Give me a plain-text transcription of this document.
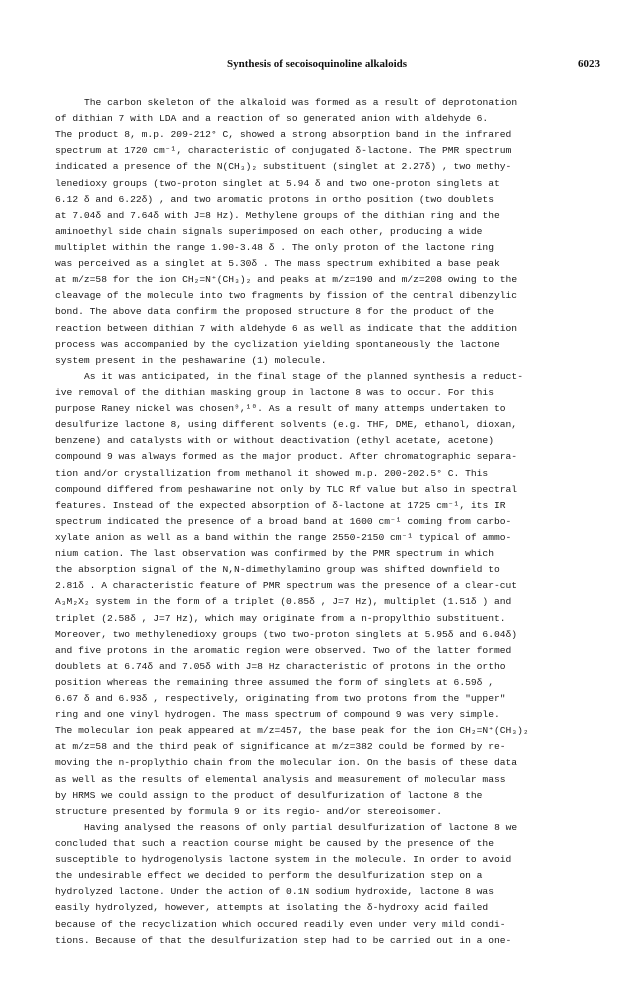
Synthesis of secoisoquinoline alkaloids	6023
The carbon skeleton of the alkaloid was formed as a result of deprotonation
of dithian 7 with LDA and a reaction of so generated anion with aldehyde 6.
The product 8, m.p. 209-212° C, showed a strong absorption band in the infrared
spectrum at 1720 cm⁻¹, characteristic of conjugated δ-lactone. The PMR spectrum
indicated a presence of the N(CH₃)₂ substituent (singlet at 2.27δ) , two methy-
lenedioxy groups (two-proton singlet at 5.94 δ and two one-proton singlets at
6.12 δ and 6.22δ) , and two aromatic protons in ortho position (two doublets
at 7.04δ and 7.64δ with J=8 Hz). Methylene groups of the dithian ring and the
aminoethyl side chain signals superimposed on each other, producing a wide
multiplet within the range 1.90-3.48 δ . The only proton of the lactone ring
was perceived as a singlet at 5.30δ . The mass spectrum exhibited a base peak
at m/z=58 for the ion CH₂=N⁺(CH₃)₂ and peaks at m/z=190 and m/z=208 owing to the
cleavage of the molecule into two fragments by fission of the central dibenzylic
bond. The above data confirm the proposed structure 8 for the product of the
reaction between dithian 7 with aldehyde 6 as well as indicate that the addition
process was accompanied by the cyclization yielding spontaneously the lactone
system present in the peshawarine (1) molecule.
As it was anticipated, in the final stage of the planned synthesis a reduct-
ive removal of the dithian masking group in lactone 8 was to occur. For this
purpose Raney nickel was chosen⁹,¹⁰. As a result of many attemps undertaken to
desulfurize lactone 8, using different solvents (e.g. THF, DME, ethanol, dioxan,
benzene) and catalysts with or without deactivation (ethyl acetate, acetone)
compound 9 was always formed as the major product. After chromatographic separa-
tion and/or crystallization from methanol it showed m.p. 200-202.5° C. This
compound differed from peshawarine not only by TLC Rf value but also in spectral
features. Instead of the expected absorption of δ-lactone at 1725 cm⁻¹, its IR
spectrum indicated the presence of a broad band at 1600 cm⁻¹ coming from carbo-
xylate anion as well as a band within the range 2550-2150 cm⁻¹ typical of ammo-
nium cation. The last observation was confirmed by the PMR spectrum in which
the absorption signal of the N,N-dimethylamino group was shifted downfield to
2.81δ . A characteristic feature of PMR spectrum was the presence of a clear-cut
A₃M₂X₂ system in the form of a triplet (0.85δ , J=7 Hz), multiplet (1.51δ ) and
triplet (2.58δ , J=7 Hz), which may originate from a n-propylthio substituent.
Moreover, two methylenedioxy groups (two two-proton singlets at 5.95δ and 6.04δ)
and five protons in the aromatic region were observed. Two of the latter formed
doublets at 6.74δ and 7.05δ with J=8 Hz characteristic of protons in the ortho
position whereas the remaining three assumed the form of singlets at 6.59δ ,
6.67 δ and 6.93δ , respectively, originating from two protons from the "upper"
ring and one vinyl hydrogen. The mass spectrum of compound 9 was very simple.
The molecular ion peak appeared at m/z=457, the base peak for the ion CH₂=N⁺(CH₃)₂
at m/z=58 and the third peak of significance at m/z=382 could be formed by re-
moving the n-proplythio chain from the molecular ion. On the basis of these data
as well as the results of elemental analysis and measurement of molecular mass
by HRMS we could assign to the product of desulfurization of lactone 8 the
structure presented by formula 9 or its regio- and/or stereoisomer.
Having analysed the reasons of only partial desulfurization of lactone 8 we
concluded that such a reaction course might be caused by the presence of the
susceptible to hydrogenolysis lactone system in the molecule. In order to avoid
the undesirable effect we decided to perform the desulfurization step on a
hydrolyzed lactone. Under the action of 0.1N sodium hydroxide, lactone 8 was
easily hydrolyzed, however, attempts at isolating the δ-hydroxy acid failed
because of the recyclization which occured readily even under very mild condi-
tions. Because of that the desulfurization step had to be carried out in a one-
